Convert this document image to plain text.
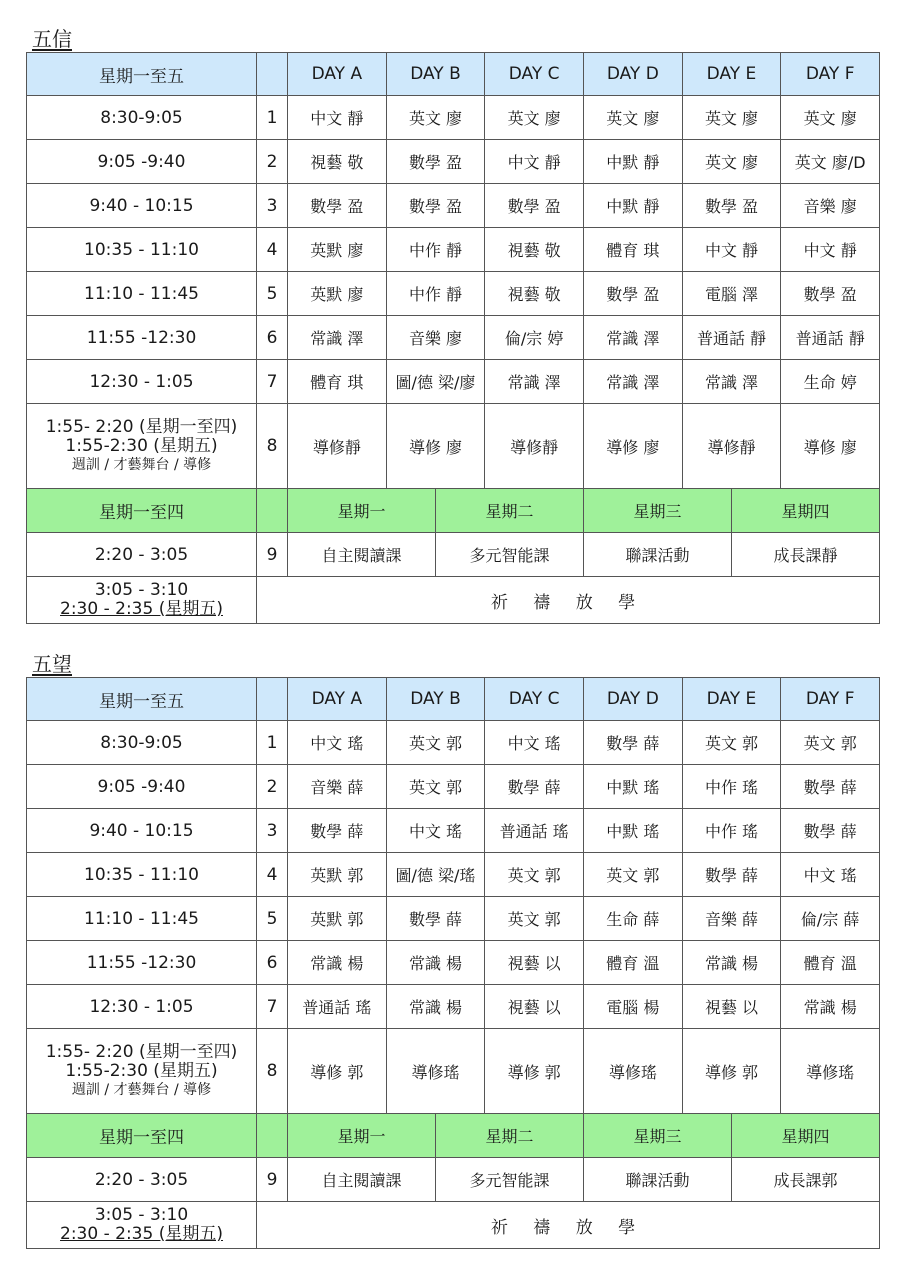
五信
星期一至五		DAY A	DAY B		DAY C	DAY D	DAY E		DAY F
8:30-9:05	1	中文 靜	英文 廖		英文 廖	英文 廖	英文 廖		英文 廖
9:05 -9:40	2	視藝 敬	數學 盈		中文 靜	中默 靜	英文 廖		英文 廖/D
9:40 - 10:15	3	數學 盈	數學 盈		數學 盈	中默 靜	數學 盈		音樂 廖
10:35 - 11:10	4	英默 廖	中作 靜		視藝 敬	體育 琪	中文 靜		中文 靜
11:10 - 11:45	5	英默 廖	中作 靜		視藝 敬	數學 盈	電腦 澤		數學 盈
11:55 -12:30	6	常識 澤	音樂 廖		倫/宗 婷	常識 澤	普通話 靜		普通話 靜
12:30 - 1:05	7	體育 琪	圖/德 梁/廖		常識 澤	常識 澤	常識 澤		生命 婷

1:55- 2:20 (星期一至四)
1:55-2:30 (星期五)
週訓 / 才藝舞台 / 導修	8	導修靜	導修 廖		導修靜	導修 廖	導修靜		導修 廖
星期一至四		星期一		星期二		星期三		星期四	
2:20 - 3:05	9	自主閱讀課		多元智能課		聯課活動		成長課靜	

3:05 - 3:10
2:30 - 2:35 (星期五)	祈 禱 放 學								
五望
星期一至五		DAY A	DAY B		DAY C	DAY D	DAY E		DAY F
8:30-9:05	1	中文 瑤	英文 郭		中文 瑤	數學 薛	英文 郭		英文 郭
9:05 -9:40	2	音樂 薛	英文 郭		數學 薛	中默 瑤	中作 瑤		數學 薛
9:40 - 10:15	3	數學 薛	中文 瑤		普通話 瑤	中默 瑤	中作 瑤		數學 薛
10:35 - 11:10	4	英默 郭	圖/德 梁/瑤		英文 郭	英文 郭	數學 薛		中文 瑤
11:10 - 11:45	5	英默 郭	數學 薛		英文 郭	生命 薛	音樂 薛		倫/宗 薛
11:55 -12:30	6	常識 楊	常識 楊		視藝 以	體育 溫	常識 楊		體育 溫
12:30 - 1:05	7	普通話 瑤	常識 楊		視藝 以	電腦 楊	視藝 以		常識 楊

1:55- 2:20 (星期一至四)
1:55-2:30 (星期五)
週訓 / 才藝舞台 / 導修	8	導修 郭	導修瑤		導修 郭	導修瑤	導修 郭		導修瑤
星期一至四		星期一		星期二		星期三		星期四	
2:20 - 3:05	9	自主閱讀課		多元智能課		聯課活動		成長課郭	

3:05 - 3:10
2:30 - 2:35 (星期五)	祈 禱 放 學								
